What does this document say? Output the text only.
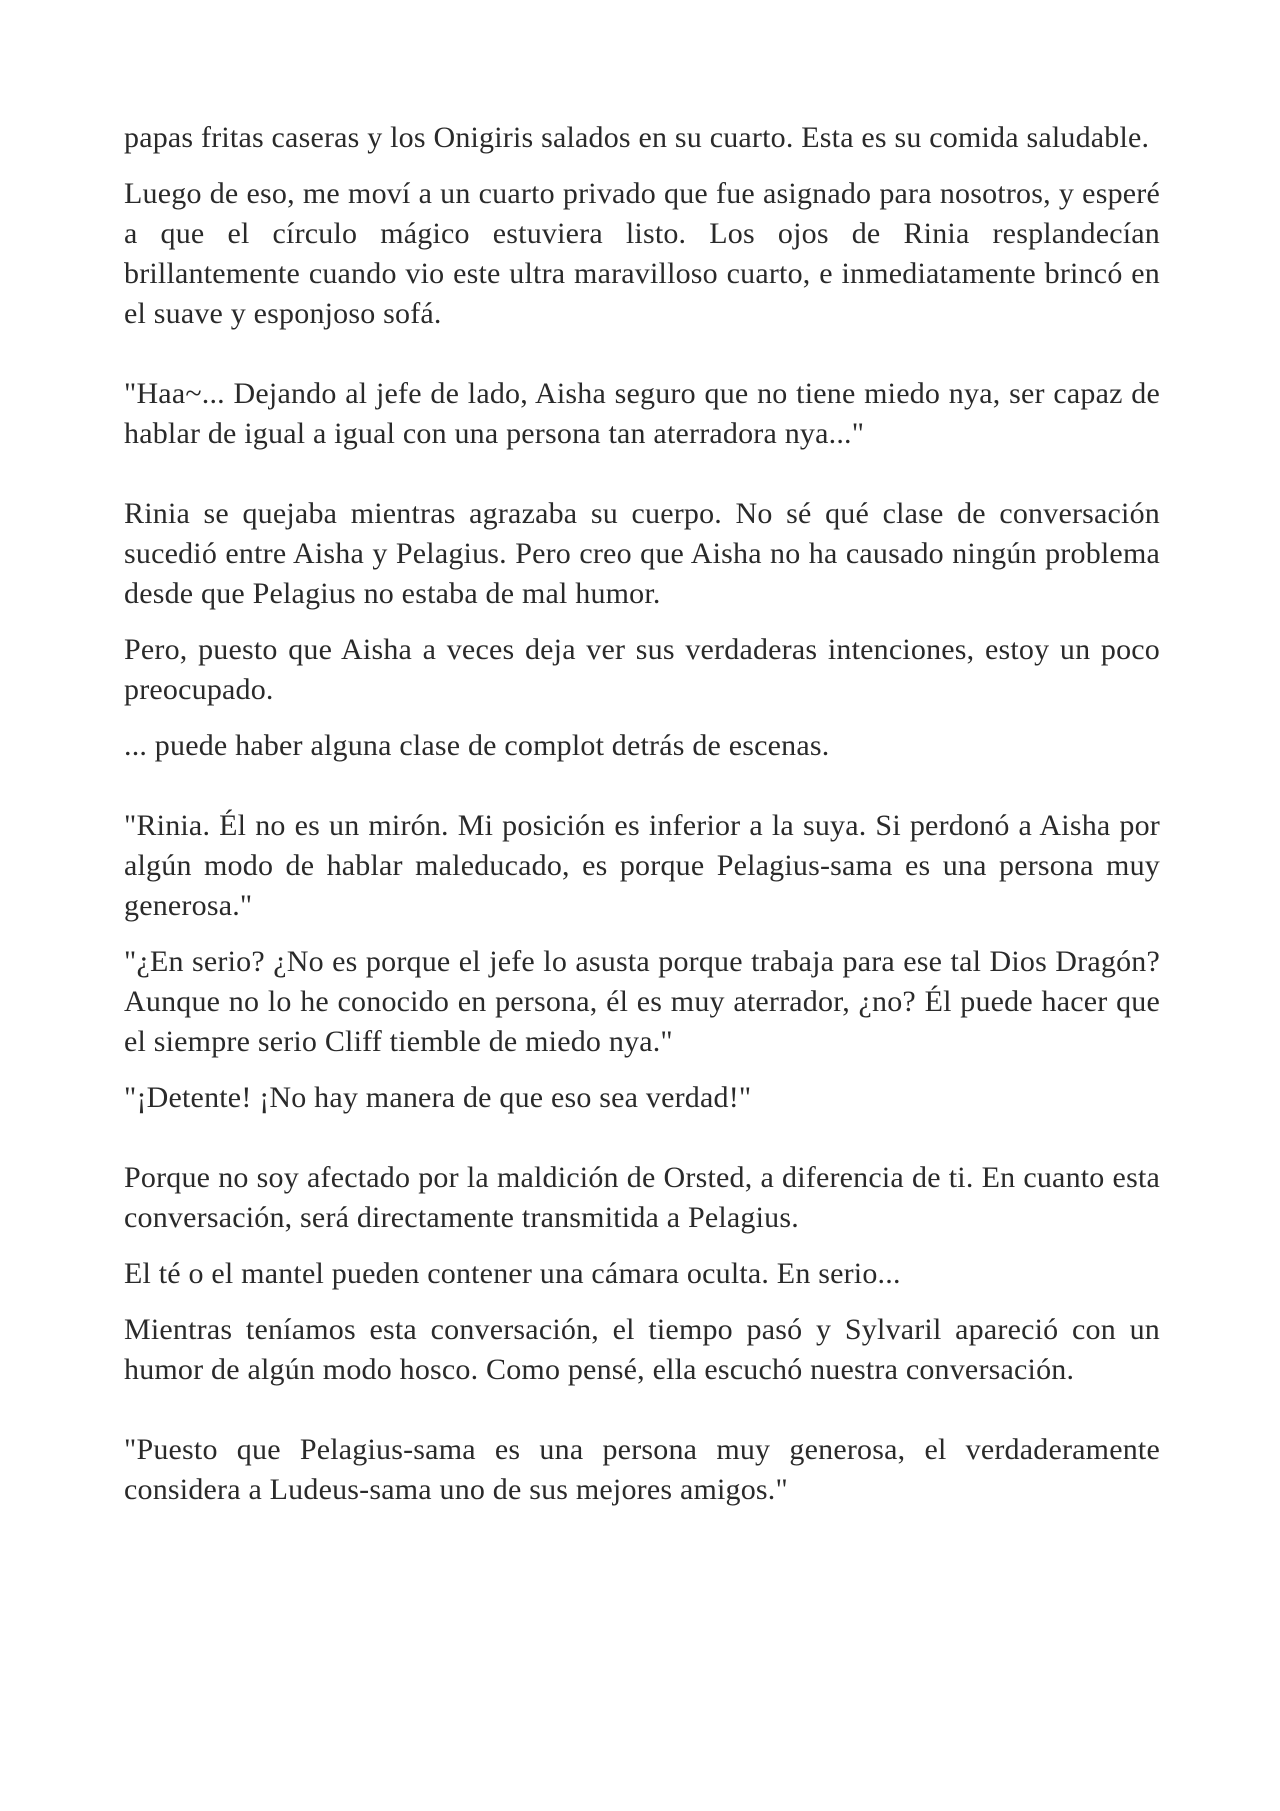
papas fritas caseras y los Onigiris salados en su cuarto. Esta es su comida saludable.

Luego de eso, me moví a un cuarto privado que fue asignado para nosotros, y esperé a que el círculo mágico estuviera listo. Los ojos de Rinia resplandecían brillantemente cuando vio este ultra maravilloso cuarto, e inmediatamente brincó en el suave y esponjoso sofá.

"Haa~... Dejando al jefe de lado, Aisha seguro que no tiene miedo nya, ser capaz de hablar de igual a igual con una persona tan aterradora nya..."

Rinia se quejaba mientras agrazaba su cuerpo. No sé qué clase de conversación sucedió entre Aisha y Pelagius. Pero creo que Aisha no ha causado ningún problema desde que Pelagius no estaba de mal humor.

Pero, puesto que Aisha a veces deja ver sus verdaderas intenciones, estoy un poco preocupado.

... puede haber alguna clase de complot detrás de escenas.

"Rinia. Él no es un mirón. Mi posición es inferior a la suya. Si perdonó a Aisha por algún modo de hablar maleducado, es porque Pelagius-sama es una persona muy generosa."

"¿En serio? ¿No es porque el jefe lo asusta porque trabaja para ese tal Dios Dragón? Aunque no lo he conocido en persona, él es muy aterrador, ¿no? Él puede hacer que el siempre serio Cliff tiemble de miedo nya."

"¡Detente! ¡No hay manera de que eso sea verdad!"

Porque no soy afectado por la maldición de Orsted, a diferencia de ti. En cuanto esta conversación, será directamente transmitida a Pelagius.

El té o el mantel pueden contener una cámara oculta. En serio...

Mientras teníamos esta conversación, el tiempo pasó y Sylvaril apareció con un humor de algún modo hosco. Como pensé, ella escuchó nuestra conversación.

"Puesto que Pelagius-sama es una persona muy generosa, el verdaderamente considera a Ludeus-sama uno de sus mejores amigos."
